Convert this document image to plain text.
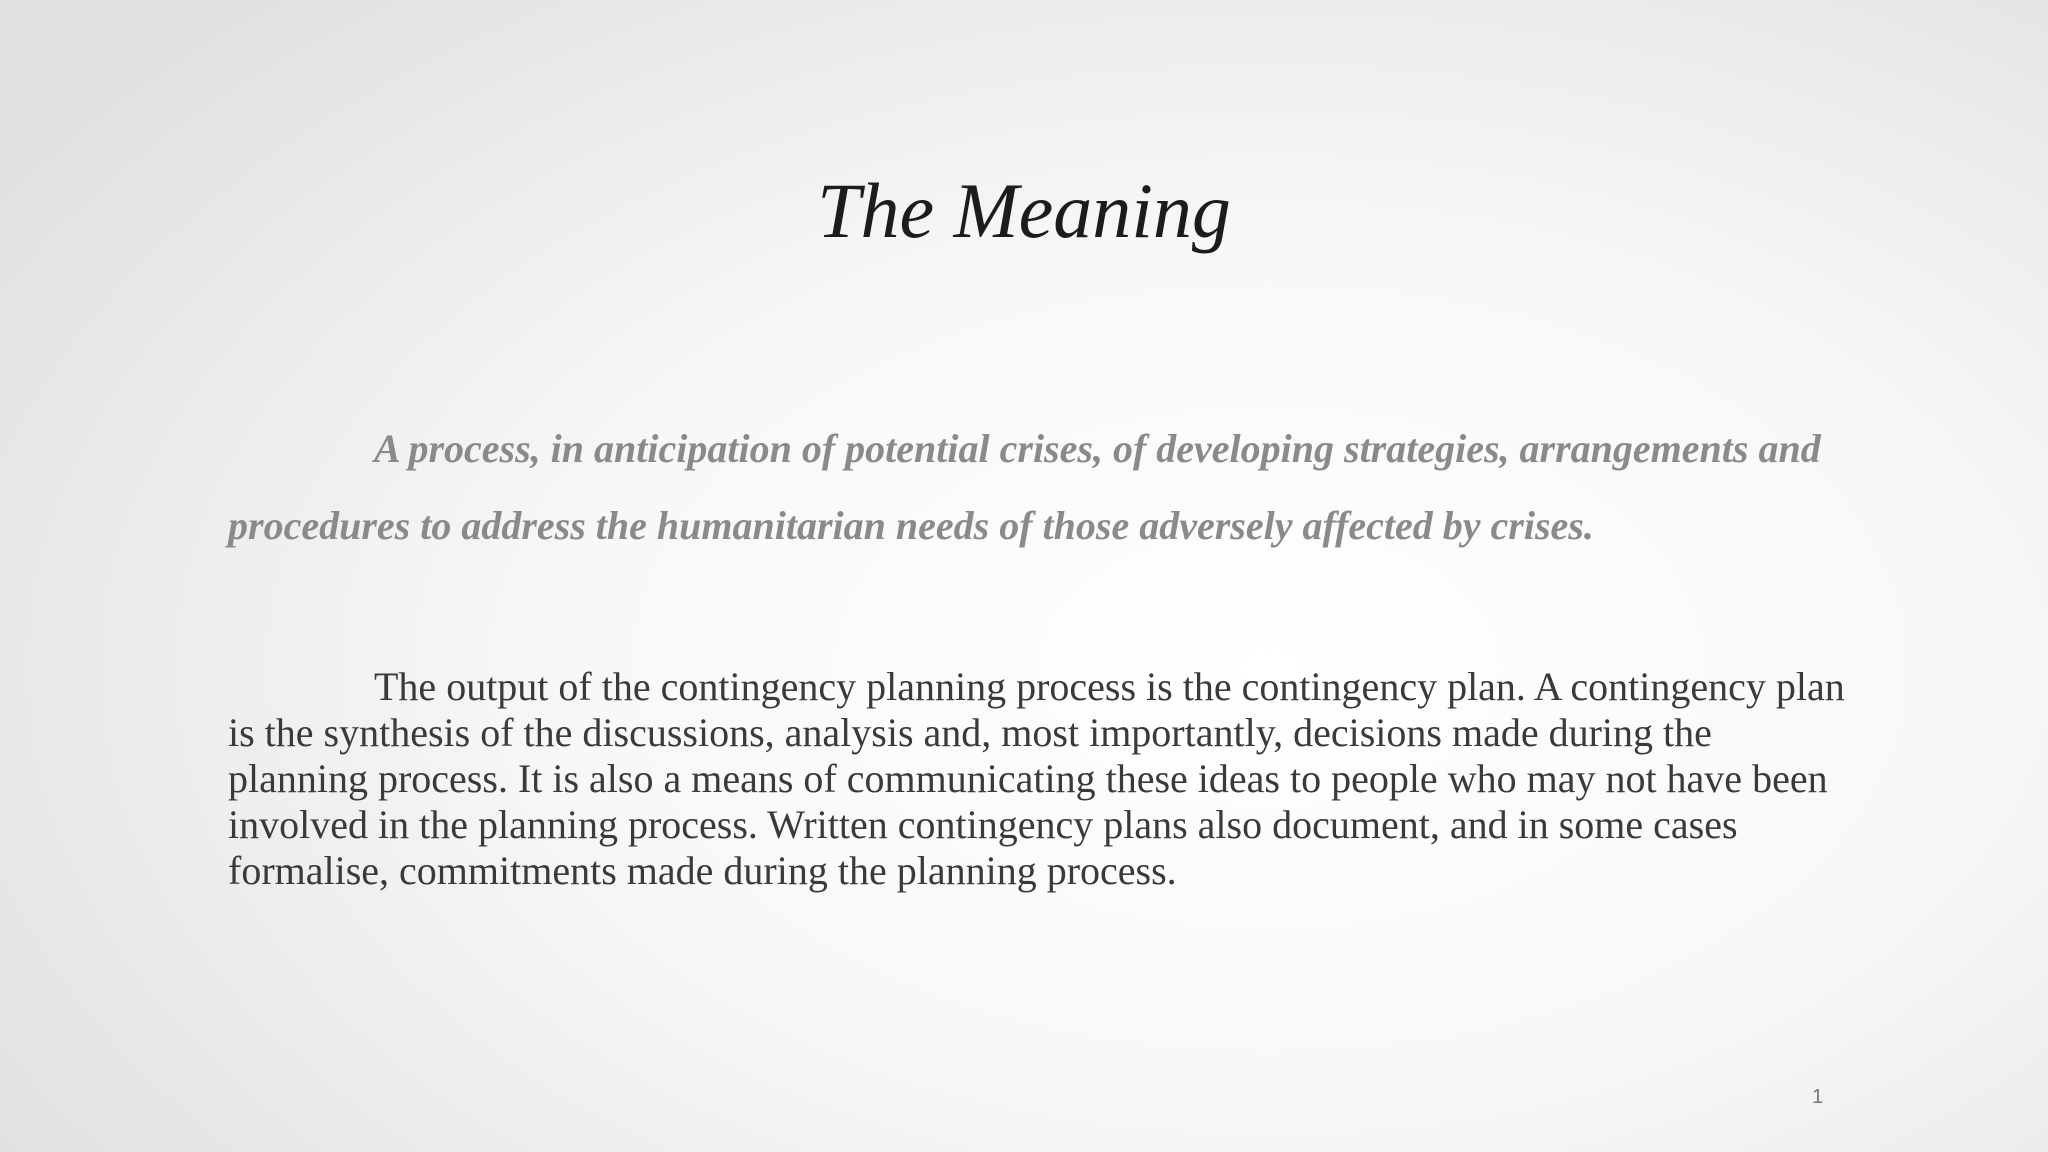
The Meaning

A process, in anticipation of potential crises, of developing strategies, arrangements and procedures to address the humanitarian needs of those adversely affected by crises.

The output of the contingency planning process is the contingency plan. A contingency plan is the synthesis of the discussions, analysis and, most importantly, decisions made during the planning process. It is also a means of communicating these ideas to people who may not have been involved in the planning process. Written contingency plans also document, and in some cases formalise, commitments made during the planning process.

1
